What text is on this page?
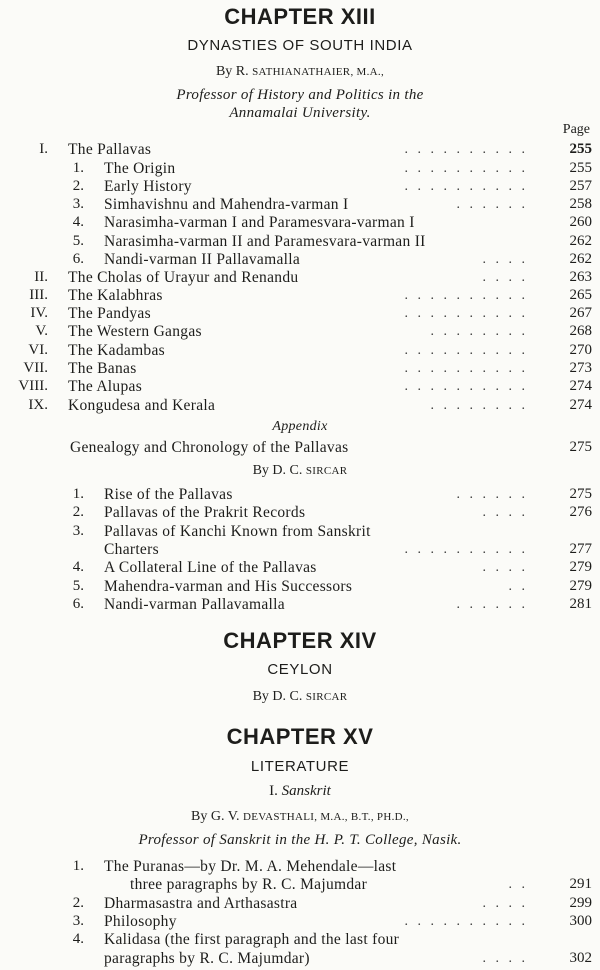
CHAPTER XIII
DYNASTIES OF SOUTH INDIA
By R. SATHIANATHAIER, M.A.,
Professor of History and Politics in the
Annamalai University.
Page
I. The Pallavas	. . . . . . . . . .	255
1. The Origin	. . . . . . . . . .	255
2. Early History	. . . . . . . . . .	257
3. Simhavishnu and Mahendra-varman I	. . . . . .	258
4. Narasimha-varman I and Paramesvara-varman I	260
5. Narasimha-varman II and Paramesvara-varman II	262
6. Nandi-varman II Pallavamalla	. . . .	262
II. The Cholas of Urayur and Renandu	. . . .	263
III. The Kalabhras	. . . . . . . . . .	265
IV. The Pandyas	. . . . . . . . . .	267
V. The Western Gangas	. . . . . . . .	268
VI. The Kadambas	. . . . . . . . . .	270
VII. The Banas	. . . . . . . . . .	273
VIII. The Alupas	. . . . . . . . . .	274
IX. Kongudesa and Kerala	. . . . . . . .	274
Appendix
Genealogy and Chronology of the Pallavas	275
By D. C. SIRCAR
1. Rise of the Pallavas	. . . . . .	275
2. Pallavas of the Prakrit Records	. . . .	276
3. Pallavas of Kanchi Known from Sanskrit
Charters	. . . . . . . . . .	277
4. A Collateral Line of the Pallavas	. . . .	279
5. Mahendra-varman and His Successors	. .	279
6. Nandi-varman Pallavamalla	. . . . . .	281
CHAPTER XIV
CEYLON
By D. C. SIRCAR
CHAPTER XV
LITERATURE
I. Sanskrit
By G. V. DEVASTHALI, M.A., B.T., PH.D.,
Professor of Sanskrit in the H. P. T. College, Nasik.
1. The Puranas—by Dr. M. A. Mehendale—last
three paragraphs by R. C. Majumdar	. .	291
2. Dharmasastra and Arthasastra	. . . .	299
3. Philosophy	. . . . . . . . . .	300
4. Kalidasa (the first paragraph and the last four
paragraphs by R. C. Majumdar)	. . . .	302
